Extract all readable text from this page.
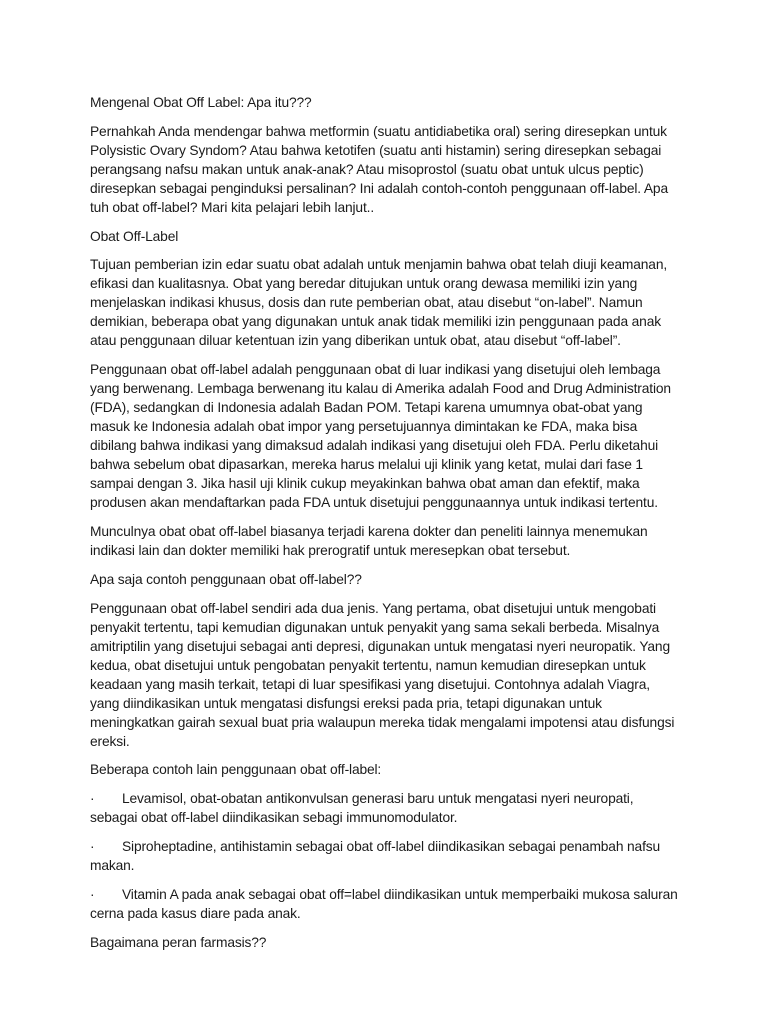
Mengenal Obat Off Label: Apa itu???

Pernahkah Anda mendengar bahwa metformin (suatu antidiabetika oral) sering diresepkan untuk Polysistic Ovary Syndom? Atau bahwa ketotifen (suatu anti histamin) sering diresepkan sebagai perangsang nafsu makan untuk anak-anak? Atau misoprostol (suatu obat untuk ulcus peptic) diresepkan sebagai penginduksi persalinan? Ini adalah contoh-contoh penggunaan off-label. Apa tuh obat off-label? Mari kita pelajari lebih lanjut..

Obat Off-Label

Tujuan pemberian izin edar suatu obat adalah untuk menjamin bahwa obat telah diuji keamanan, efikasi dan kualitasnya. Obat yang beredar ditujukan untuk orang dewasa memiliki izin yang menjelaskan indikasi khusus, dosis dan rute pemberian obat, atau disebut “on-label”. Namun demikian, beberapa obat yang digunakan untuk anak tidak memiliki izin penggunaan pada anak atau penggunaan diluar ketentuan izin yang diberikan untuk obat, atau disebut “off-label”.

Penggunaan obat off-label adalah penggunaan obat di luar indikasi yang disetujui oleh lembaga yang berwenang. Lembaga berwenang itu kalau di Amerika adalah Food and Drug Administration (FDA), sedangkan di Indonesia adalah Badan POM. Tetapi karena umumnya obat-obat yang masuk ke Indonesia adalah obat impor yang persetujuannya dimintakan ke FDA, maka bisa dibilang bahwa indikasi yang dimaksud adalah indikasi yang disetujui oleh FDA. Perlu diketahui bahwa sebelum obat dipasarkan, mereka harus melalui uji klinik yang ketat, mulai dari fase 1 sampai dengan 3. Jika hasil uji klinik cukup meyakinkan bahwa obat aman dan efektif, maka produsen akan mendaftarkan pada FDA untuk disetujui penggunaannya untuk indikasi tertentu.

Munculnya obat obat off-label biasanya terjadi karena dokter dan peneliti lainnya menemukan indikasi lain dan dokter memiliki hak prerogratif untuk meresepkan obat tersebut.

Apa saja contoh penggunaan obat off-label??

Penggunaan obat off-label sendiri ada dua jenis. Yang pertama, obat disetujui untuk mengobati penyakit tertentu, tapi kemudian digunakan untuk penyakit yang sama sekali berbeda. Misalnya amitriptilin yang disetujui sebagai anti depresi, digunakan untuk mengatasi nyeri neuropatik. Yang kedua, obat disetujui untuk pengobatan penyakit tertentu, namun kemudian diresepkan untuk keadaan yang masih terkait, tetapi di luar spesifikasi yang disetujui. Contohnya adalah Viagra, yang diindikasikan untuk mengatasi disfungsi ereksi pada pria, tetapi digunakan untuk meningkatkan gairah sexual buat pria walaupun mereka tidak mengalami impotensi atau disfungsi ereksi.

Beberapa contoh lain penggunaan obat off-label:

· Levamisol, obat-obatan antikonvulsan generasi baru untuk mengatasi nyeri neuropati, sebagai obat off-label diindikasikan sebagi immunomodulator.

· Siproheptadine, antihistamin sebagai obat off-label diindikasikan sebagai penambah nafsu makan.

· Vitamin A pada anak sebagai obat off=label diindikasikan untuk memperbaiki mukosa saluran cerna pada kasus diare pada anak.

Bagaimana peran farmasis??
